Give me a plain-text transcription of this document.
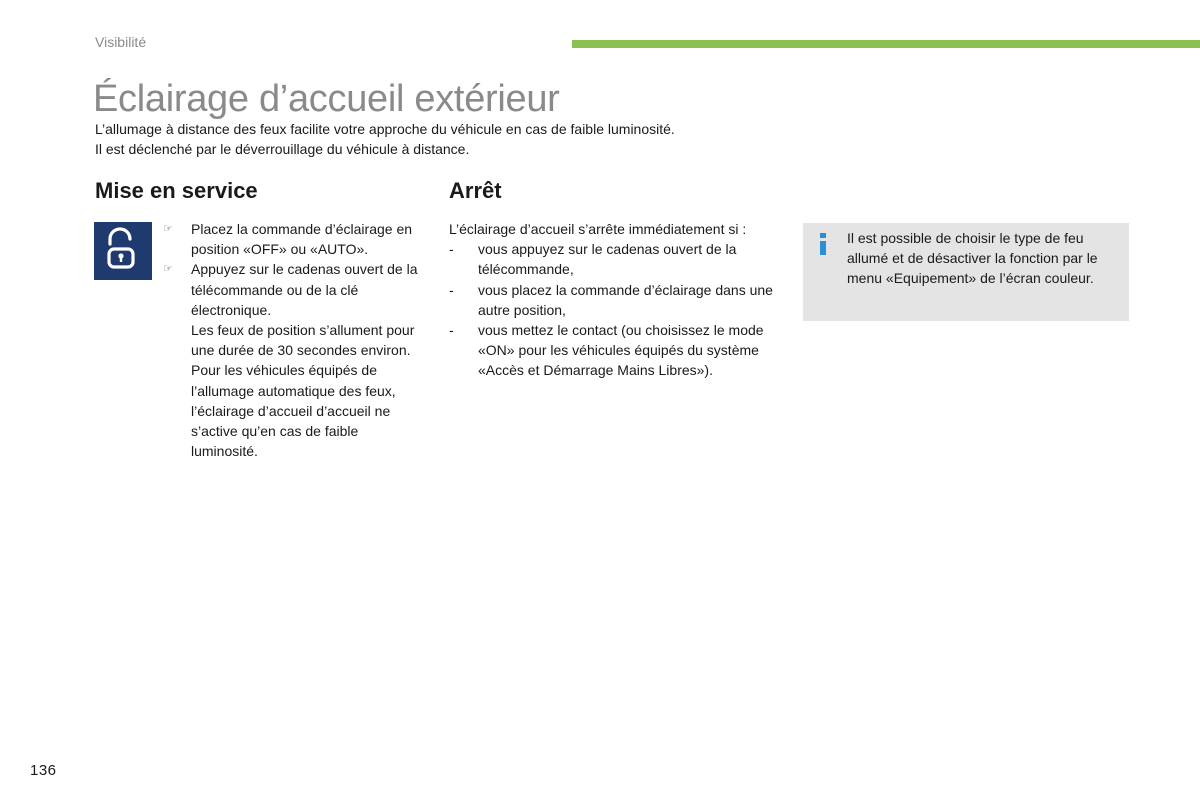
Visibilité
Éclairage d’accueil extérieur

L’allumage à distance des feux facilite votre approche du véhicule en cas de faible luminosité.

Il est déclenché par le déverrouillage du véhicule à distance.

Mise en service	Arrêt
☞ Placez la commande d’éclairage en position «OFF» ou «AUTO».

☞ Appuyez sur le cadenas ouvert de la télécommande ou de la clé électronique.

Les feux de position s’allument pour une durée de 30 secondes environ. Pour les véhicules équipés de l’allumage automatique des feux, l’éclairage d’accueil d’accueil ne s’active qu’en cas de faible luminosité.

L’éclairage d’accueil s’arrête immédiatement si :

- vous appuyez sur le cadenas ouvert de la télécommande,

- vous placez la commande d’éclairage dans une autre position,

- vous mettez le contact (ou choisissez le mode «ON» pour les véhicules équipés du système «Accès et Démarrage Mains Libres»).

Il est possible de choisir le type de feu allumé et de désactiver la fonction par le menu «Equipement» de l’écran couleur.
136
